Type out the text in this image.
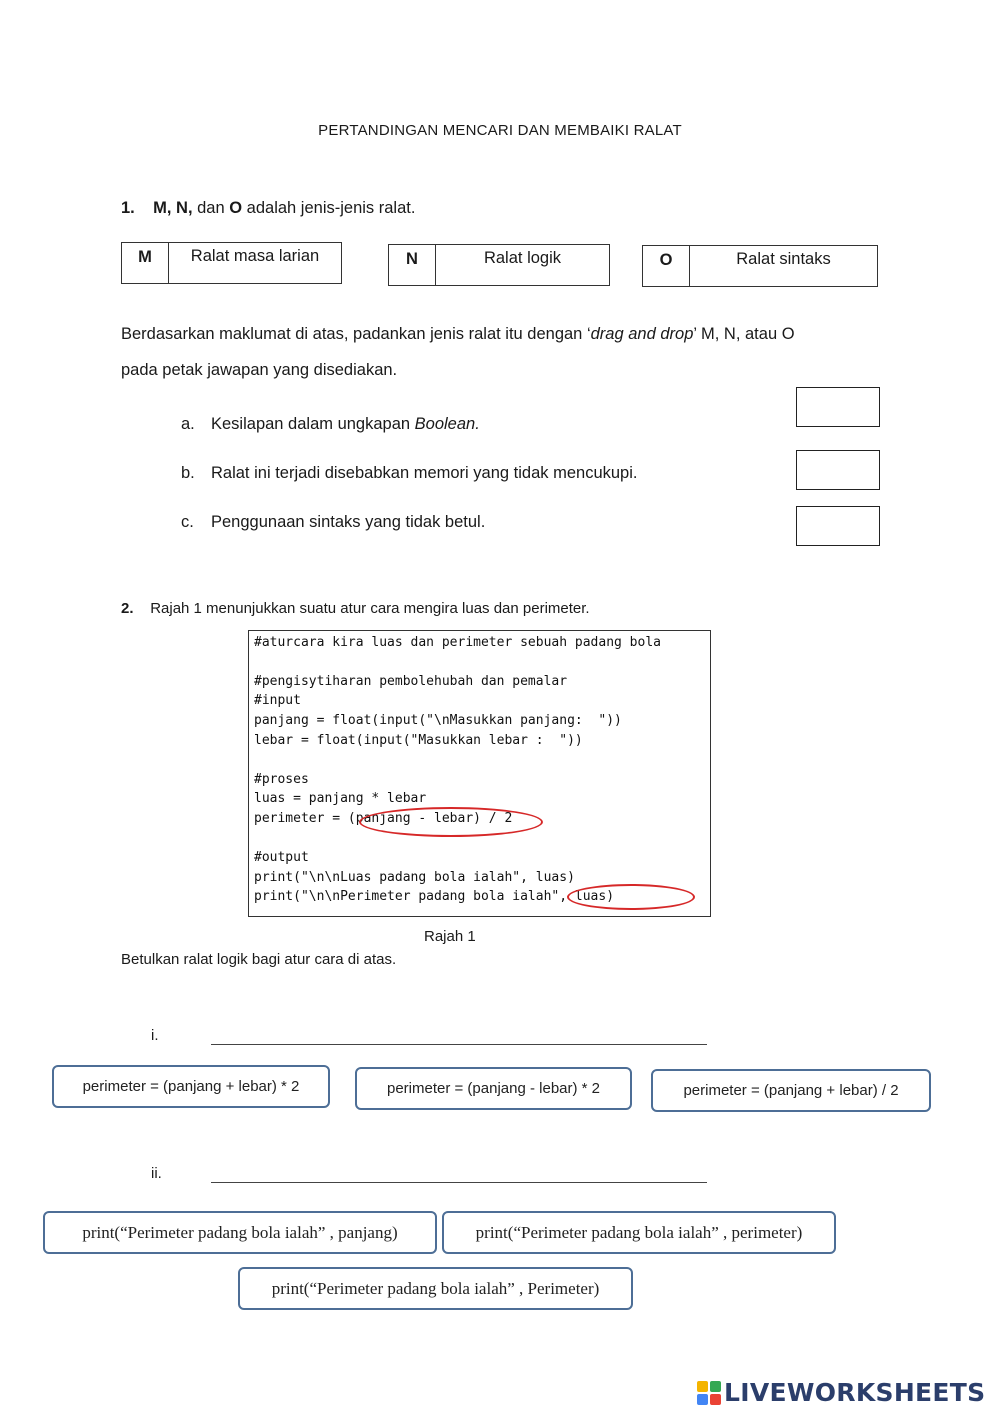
PERTANDINGAN MENCARI DAN MEMBAIKI RALAT
1. M, N, dan O adalah jenis-jenis ralat.
M	Ralat masa larian	N	Ralat logik	O	Ralat sintaks
Berdasarkan maklumat di atas, padankan jenis ralat itu dengan ‘drag and drop’ M, N, atau O
pada petak jawapan yang disediakan.
a. Kesilapan dalam ungkapan Boolean.
b. Ralat ini terjadi disebabkan memori yang tidak mencukupi.
c. Penggunaan sintaks yang tidak betul.
2. Rajah 1 menunjukkan suatu atur cara mengira luas dan perimeter.
#aturcara kira luas dan perimeter sebuah padang bola
#pengisytiharan pembolehubah dan pemalar
#input
panjang = float(input("\nMasukkan panjang:  "))
lebar = float(input("Masukkan lebar :  "))
#proses
luas = panjang * lebar
perimeter = (panjang - lebar) / 2
#output
print("\n\nLuas padang bola ialah", luas)
print("\n\nPerimeter padang bola ialah", luas)
Rajah 1
Betulkan ralat logik bagi atur cara di atas.
i.
perimeter = (panjang + lebar) * 2	perimeter = (panjang - lebar) * 2	perimeter = (panjang + lebar) / 2
ii.
print(“Perimeter padang bola ialah” , panjang)	print(“Perimeter padang bola ialah” , perimeter)
print(“Perimeter padang bola ialah” , Perimeter)
LIVEWORKSHEETS
